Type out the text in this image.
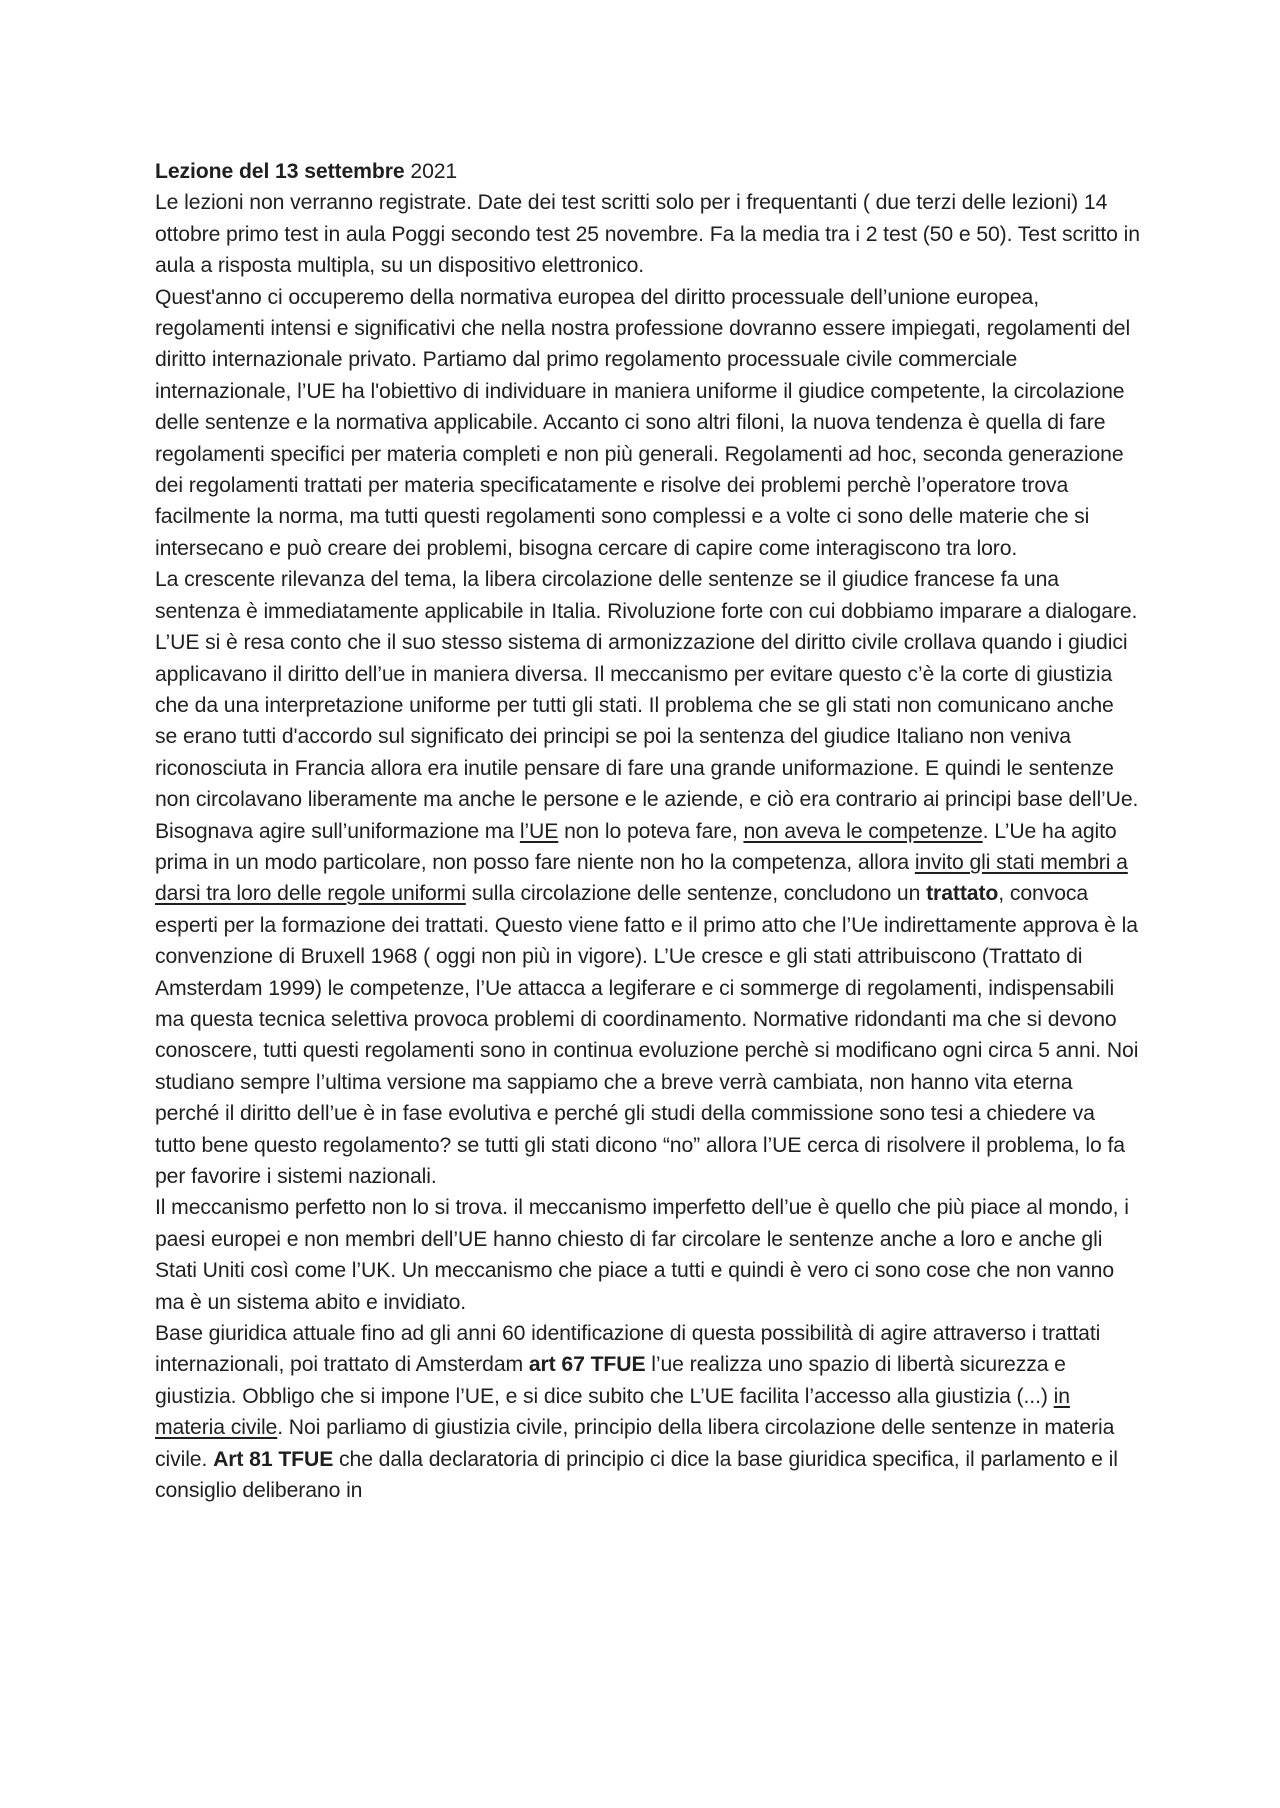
Lezione del 13 settembre 2021

Le lezioni non verranno registrate. Date dei test scritti solo per i frequentanti ( due terzi delle lezioni) 14 ottobre primo test in aula Poggi secondo test 25 novembre. Fa la media tra i 2 test (50 e 50). Test scritto in aula a risposta multipla, su un dispositivo elettronico.

Quest'anno ci occuperemo della normativa europea del diritto processuale dell’unione europea, regolamenti intensi e significativi che nella nostra professione dovranno essere impiegati, regolamenti del diritto internazionale privato. Partiamo dal primo regolamento processuale civile commerciale internazionale, l’UE ha l'obiettivo di individuare in maniera uniforme il giudice competente, la circolazione delle sentenze e la normativa applicabile. Accanto ci sono altri filoni, la nuova tendenza è quella di fare regolamenti specifici per materia completi e non più generali. Regolamenti ad hoc, seconda generazione dei regolamenti trattati per materia specificatamente e risolve dei problemi perchè l’operatore trova facilmente la norma, ma tutti questi regolamenti sono complessi e a volte ci sono delle materie che si intersecano e può creare dei problemi, bisogna cercare di capire come interagiscono tra loro.

La crescente rilevanza del tema, la libera circolazione delle sentenze se il giudice francese fa una sentenza è immediatamente applicabile in Italia. Rivoluzione forte con cui dobbiamo imparare a dialogare. L’UE si è resa conto che il suo stesso sistema di armonizzazione del diritto civile crollava quando i giudici applicavano il diritto dell’ue in maniera diversa. Il meccanismo per evitare questo c’è la corte di giustizia che da una interpretazione uniforme per tutti gli stati. Il problema che se gli stati non comunicano anche se erano tutti d'accordo sul significato dei principi se poi la sentenza del giudice Italiano non veniva riconosciuta in Francia allora era inutile pensare di fare una grande uniformazione. E quindi le sentenze non circolavano liberamente ma anche le persone e le aziende, e ciò era contrario ai principi base dell’Ue. Bisognava agire sull’uniformazione ma l’UE non lo poteva fare, non aveva le competenze. L’Ue ha agito prima in un modo particolare, non posso fare niente non ho la competenza, allora invito gli stati membri a darsi tra loro delle regole uniformi sulla circolazione delle sentenze, concludono un trattato, convoca esperti per la formazione dei trattati. Questo viene fatto e il primo atto che l’Ue indirettamente approva è la convenzione di Bruxell 1968 ( oggi non più in vigore). L’Ue cresce e gli stati attribuiscono (Trattato di Amsterdam 1999) le competenze, l’Ue attacca a legiferare e ci sommerge di regolamenti, indispensabili ma questa tecnica selettiva provoca problemi di coordinamento. Normative ridondanti ma che si devono conoscere, tutti questi regolamenti sono in continua evoluzione perchè si modificano ogni circa 5 anni. Noi studiano sempre l’ultima versione ma sappiamo che a breve verrà cambiata, non hanno vita eterna perché il diritto dell’ue è in fase evolutiva e perché gli studi della commissione sono tesi a chiedere va tutto bene questo regolamento? se tutti gli stati dicono “no” allora l’UE cerca di risolvere il problema, lo fa per favorire i sistemi nazionali.

Il meccanismo perfetto non lo si trova. il meccanismo imperfetto dell’ue è quello che più piace al mondo, i paesi europei e non membri dell’UE hanno chiesto di far circolare le sentenze anche a loro e anche gli Stati Uniti così come l’UK. Un meccanismo che piace a tutti e quindi è vero ci sono cose che non vanno ma è un sistema abito e invidiato.

Base giuridica attuale fino ad gli anni 60 identificazione di questa possibilità di agire attraverso i trattati internazionali, poi trattato di Amsterdam art 67 TFUE l’ue realizza uno spazio di libertà sicurezza e giustizia. Obbligo che si impone l’UE, e si dice subito che L’UE facilita l’accesso alla giustizia (...) in materia civile. Noi parliamo di giustizia civile, principio della libera circolazione delle sentenze in materia civile. Art 81 TFUE che dalla declaratoria di principio ci dice la base giuridica specifica, il parlamento e il consiglio deliberano in
